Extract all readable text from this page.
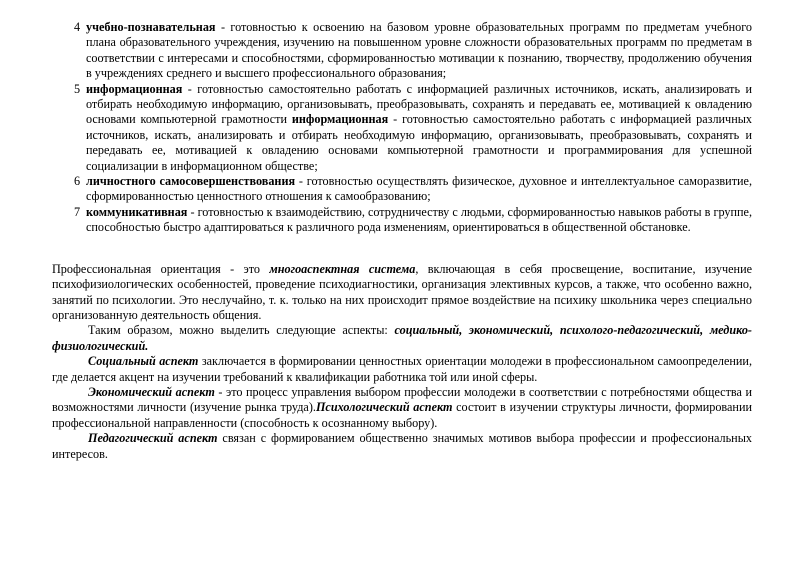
4 учебно-познавательная - готовностью к освоению на базовом уровне образовательных программ по предметам учебного плана образовательного учреждения, изучению на повышенном уровне сложности образовательных программ по предметам в соответствии с интересами и способностями, сформированностью мотивации к познанию, творчеству, продолжению обучения в учреждениях среднего и высшего профессионального образования;
5 информационная - готовностью самостоятельно работать с информацией различных источников, искать, анализировать и отбирать необходимую информацию, организовывать, преобразовывать, сохранять и передавать ее, мотивацией к овладению основами компьютерной грамотности информационная - готовностью самостоятельно работать с информацией различных источников, искать, анализировать и отбирать необходимую информацию, организовывать, преобразовывать, сохранять и передавать ее, мотивацией к овладению основами компьютерной грамотности и программирования для успешной социализации в информационном обществе;
6 личностного самосовершенствования - готовностью осуществлять физическое, духовное и интеллектуальное саморазвитие, сформированностью ценностного отношения к самообразованию;
7 коммуникативная - готовностью к взаимодействию, сотрудничеству с людьми, сформированностью навыков работы в группе, способностью быстро адаптироваться к различного рода изменениям, ориентироваться в общественной обстановке.

Профессиональная ориентация - это многоаспектная система, включающая в себя просвещение, воспитание, изучение психофизиологических особенностей, проведение психодиагностики, организация элективных курсов, а также, что особенно важно, занятий по психологии. Это неслучайно, т. к. только на них происходит прямое воздействие на психику школьника через специально организованную деятельность общения.

Таким образом, можно выделить следующие аспекты: социальный, экономический, психолого-педагогический, медико-физиологический.

Социальный аспект заключается в формировании ценностных ориентации молодежи в профессиональном самоопределении, где делается акцент на изучении требований к квалификации работника той или иной сферы.

Экономический аспект - это процесс управления выбором профессии молодежи в соответствии с потребностями общества и возможностями личности (изучение рынка труда).Психологический аспект состоит в изучении структуры личности, формировании профессиональной направленности (способность к осознанному выбору).

Педагогический аспект связан с формированием общественно значимых мотивов выбора профессии и профессиональных интересов.
